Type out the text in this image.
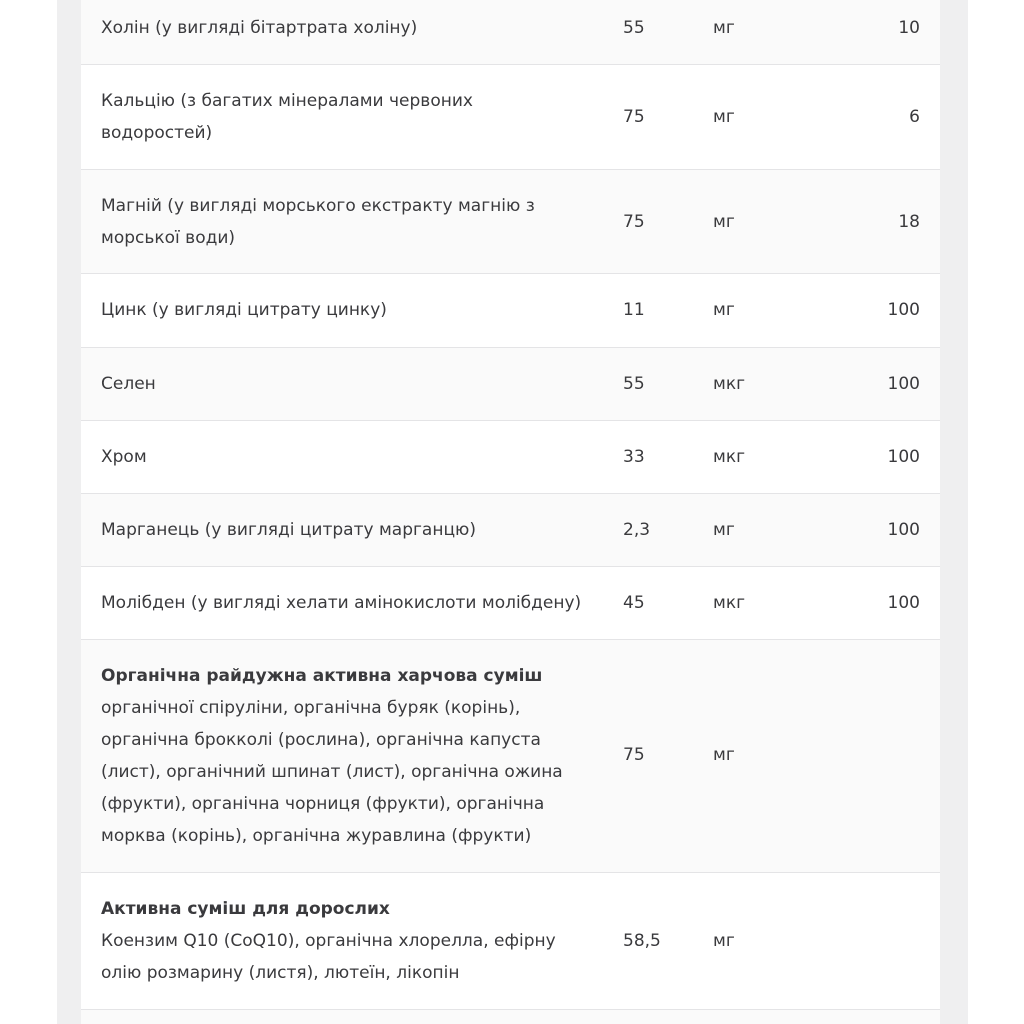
Холін (у вигляді бітартрата холіну)	55	мг	10
Кальцію (з багатих мінералами червоних
водоростей)
75	мг	6
Магній (у вигляді морського екстракту магнію з
морської води)
75	мг	18
Цинк (у вигляді цитрату цинку)	11	мг	100
Селен	55	мкг	100
Хром	33	мкг	100
Марганець (у вигляді цитрату марганцю)	2,3	мг	100
Молібден (у вигляді хелати амінокислоти молібдену)	45	мкг	100
Органічна райдужна активна харчова суміш
органічної спіруліни, органічна буряк (корінь),
органічна брокколі (рослина), органічна капуста
(лист), органічний шпинат (лист), органічна ожина
(фрукти), органічна чорниця (фрукти), органічна
морква (корінь), органічна журавлина (фрукти)
75	мг
Активна суміш для дорослих
Коензим Q10 (CoQ10), органічна хлорелла, ефірну
олію розмарину (листя), лютеїн, лікопін
58,5	мг
